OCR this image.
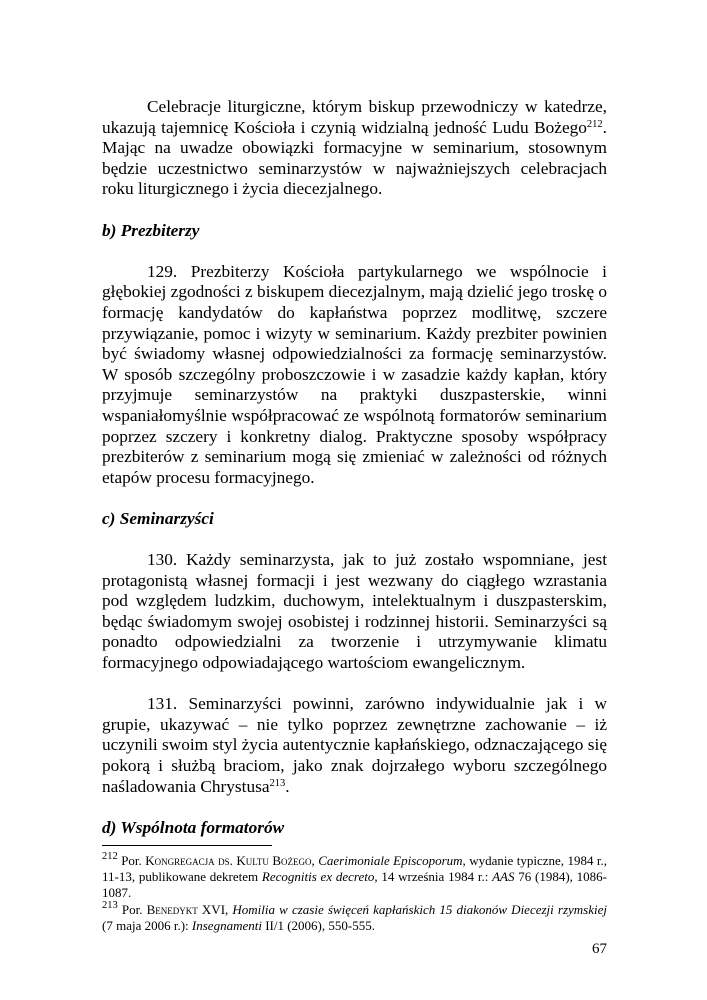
Celebracje liturgiczne, którym biskup przewodniczy w katedrze, ukazują tajemnicę Kościoła i czynią widzialną jedność Ludu Bożego$^{212}$. Mając na uwadze obowiązki formacyjne w seminarium, stosownym będzie uczestnictwo seminarzystów w najważniejszych celebracjach roku liturgicznego i życia diecezjalnego.

b) Prezbiterzy

129. Prezbiterzy Kościoła partykularnego we wspólnocie i głębokiej zgodności z biskupem diecezjalnym, mają dzielić jego troskę o formację kandydatów do kapłaństwa poprzez modlitwę, szczere przywiązanie, pomoc i wizyty w seminarium. Każdy prezbiter powinien być świadomy własnej odpowiedzialności za formację seminarzystów. W sposób szczególny proboszczowie i w zasadzie każdy kapłan, który przyjmuje seminarzystów na praktyki duszpasterskie, winni wspaniałomyślnie współpracować ze wspólnotą formatorów seminarium poprzez szczery i konkretny dialog. Praktyczne sposoby współpracy prezbiterów z seminarium mogą się zmieniać w zależności od różnych etapów procesu formacyjnego.

c) Seminarzyści

130. Każdy seminarzysta, jak to już zostało wspomniane, jest protagonistą własnej formacji i jest wezwany do ciągłego wzrastania pod względem ludzkim, duchowym, intelektualnym i duszpasterskim, będąc świadomym swojej osobistej i rodzinnej historii. Seminarzyści są ponadto odpowiedzialni za tworzenie i utrzymywanie klimatu formacyjnego odpowiadającego wartościom ewangelicznym.

131. Seminarzyści powinni, zarówno indywidualnie jak i w grupie, ukazywać – nie tylko poprzez zewnętrzne zachowanie – iż uczynili swoim styl życia autentycznie kapłańskiego, odznaczającego się pokorą i służbą braciom, jako znak dojrzałego wyboru szczególnego naśladowania Chrystusa$^{213}$.

d) Wspólnota formatorów

$^{212}$ Por. Kongregacja ds. Kultu Bożego, Caerimoniale Episcoporum, wydanie typiczne, 1984 r., 11-13, publikowane dekretem Recognitis ex decreto, 14 września 1984 r.: AAS 76 (1984), 1086-1087.

$^{213}$ Por. Benedykt XVI, Homilia w czasie święceń kapłańskich 15 diakonów Diecezji rzymskiej (7 maja 2006 r.): Insegnamenti II/1 (2006), 550-555.

67
